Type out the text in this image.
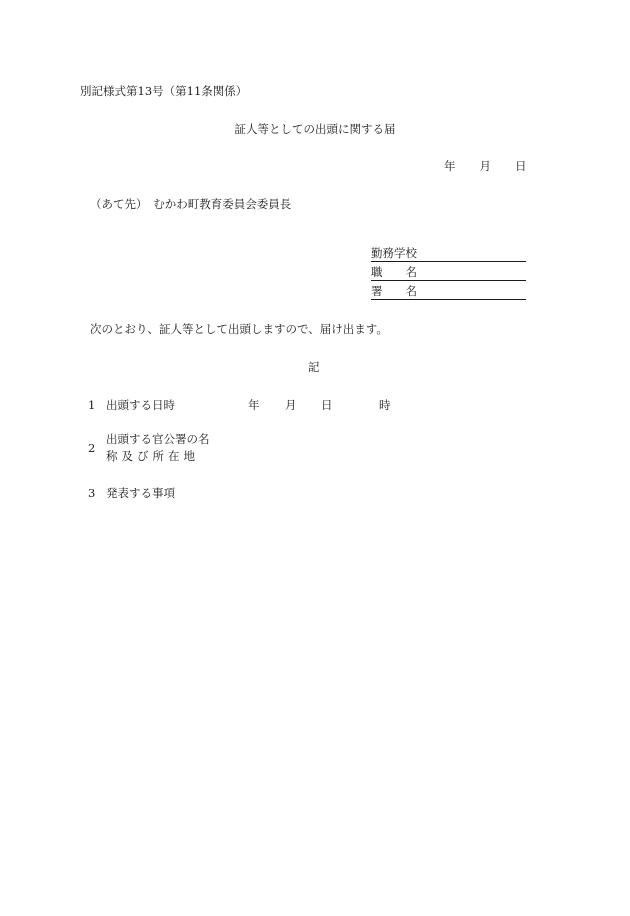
別記様式第13号（第11条関係）
証人等としての出頭に関する届
年 月 日
（あて先）　むかわ町教育委員会委員長
勤務学校
職　　名
署　　名
次のとおり、証人等として出頭しますので、届け出ます。
記
1 出頭する日時	年 月 日	時
2
出頭する官公署の名
称及び所在地
3 発表する事項
